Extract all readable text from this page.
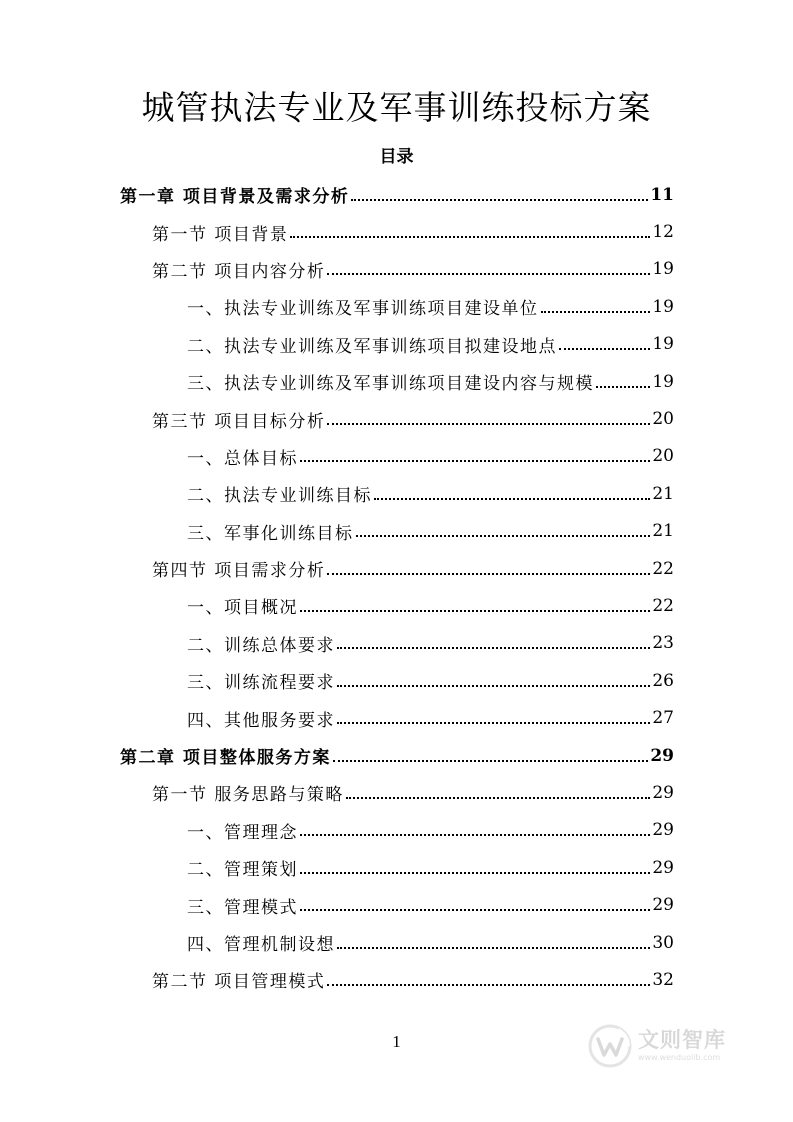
城管执法专业及军事训练投标方案
目录
第一章 项目背景及需求分析	11
第一节 项目背景	12
第二节 项目内容分析	19
一、执法专业训练及军事训练项目建设单位	19
二、执法专业训练及军事训练项目拟建设地点	19
三、执法专业训练及军事训练项目建设内容与规模	19
第三节 项目目标分析	20
一、总体目标	20
二、执法专业训练目标	21
三、军事化训练目标	21
第四节 项目需求分析	22
一、项目概况	22
二、训练总体要求	23
三、训练流程要求	26
四、其他服务要求	27
第二章 项目整体服务方案	29
第一节 服务思路与策略	29
一、管理理念	29
二、管理策划	29
三、管理模式	29
四、管理机制设想	30
第二节 项目管理模式	32
1	文则智库
www.wenduolib.com
